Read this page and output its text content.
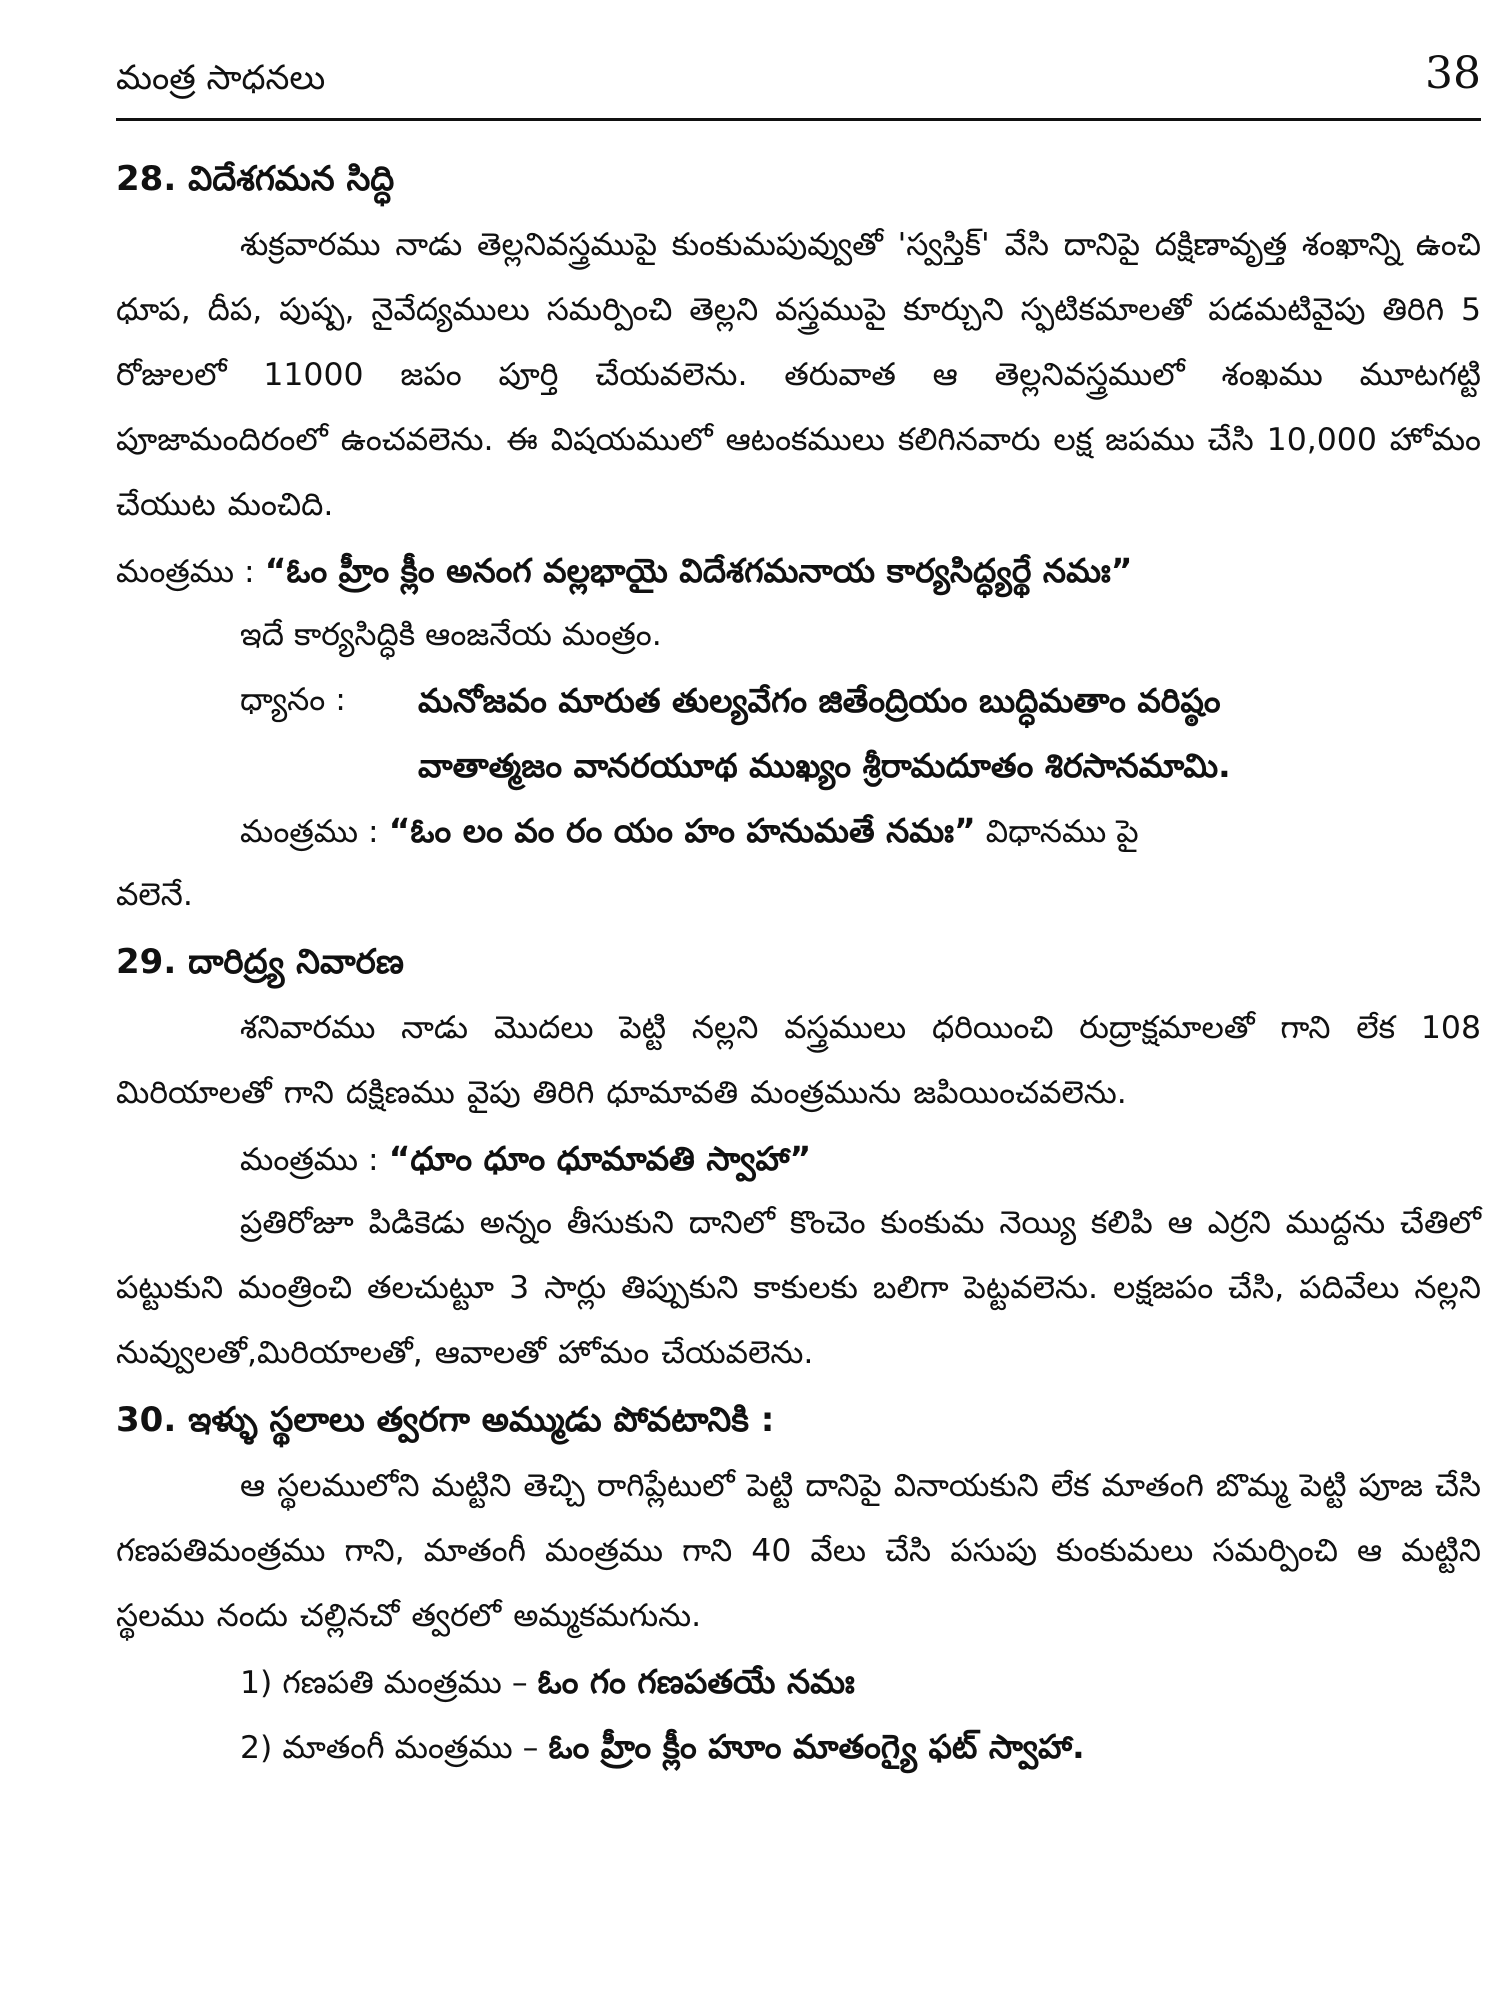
మంత్ర సాధనలు	38
28. విదేశగమన సిద్ధి

శుక్రవారము నాడు తెల్లనివస్త్రముపై కుంకుమపువ్వుతో 'స్వస్తిక్' వేసి దానిపై దక్షిణావృత్త శంఖాన్ని ఉంచి ధూప, దీప, పుష్ప, నైవేద్యములు సమర్పించి తెల్లని వస్త్రముపై కూర్చుని స్ఫటికమాలతో పడమటివైపు తిరిగి 5 రోజులలో 11000 జపం పూర్తి చేయవలెను. తరువాత ఆ తెల్లనివస్త్రములో శంఖము మూటగట్టి పూజామందిరంలో ఉంచవలెను. ఈ విషయములో ఆటంకములు కలిగినవారు లక్ష జపము చేసి 10,000 హోమం చేయుట మంచిది.

మంత్రము : “ఓం హ్రీం క్లీం అనంగ వల్లభాయై విదేశగమనాయ కార్యసిద్ధ్యర్థే నమః”
ఇదే కార్యసిద్ధికి ఆంజనేయ మంత్రం.
ధ్యానం : మనోజవం మారుత తుల్యవేగం జితేంద్రియం బుద్ధిమతాం వరిష్ఠం
వాతాత్మజం వానరయూథ ముఖ్యం శ్రీరామదూతం శిరసానమామి.
మంత్రము : “ఓం లం వం రం యం హం హనుమతే నమః” విధానము పై
వలెనే.
29. దారిద్ర్య నివారణ

శనివారము నాడు మొదలు పెట్టి నల్లని వస్త్రములు ధరియించి రుద్రాక్షమాలతో గాని లేక 108 మిరియాలతో గాని దక్షిణము వైపు తిరిగి ధూమావతి మంత్రమును జపియించవలెను.

మంత్రము : “ధూం ధూం ధూమావతి స్వాహా”

ప్రతిరోజూ పిడికెడు అన్నం తీసుకుని దానిలో కొంచెం కుంకుమ నెయ్యి కలిపి ఆ ఎర్రని ముద్దను చేతిలో పట్టుకుని మంత్రించి తలచుట్టూ 3 సార్లు తిప్పుకుని కాకులకు బలిగా పెట్టవలెను. లక్షజపం చేసి, పదివేలు నల్లని నువ్వులతో,మిరియాలతో, ఆవాలతో హోమం చేయవలెను.

30. ఇళ్ళు స్థలాలు త్వరగా అమ్ముడు పోవటానికి :

ఆ స్థలములోని మట్టిని తెచ్చి రాగిప్లేటులో పెట్టి దానిపై వినాయకుని లేక మాతంగి బొమ్మ పెట్టి పూజ చేసి గణపతిమంత్రము గాని, మాతంగీ మంత్రము గాని 40 వేలు చేసి పసుపు కుంకుమలు సమర్పించి ఆ మట్టిని స్థలము నందు చల్లినచో త్వరలో అమ్మకమగును.

1) గణపతి మంత్రము – ఓం గం గణపతయే నమః
2) మాతంగీ మంత్రము – ఓం హ్రీం క్లీం హూం మాతంగ్యై ఫట్ స్వాహా.
